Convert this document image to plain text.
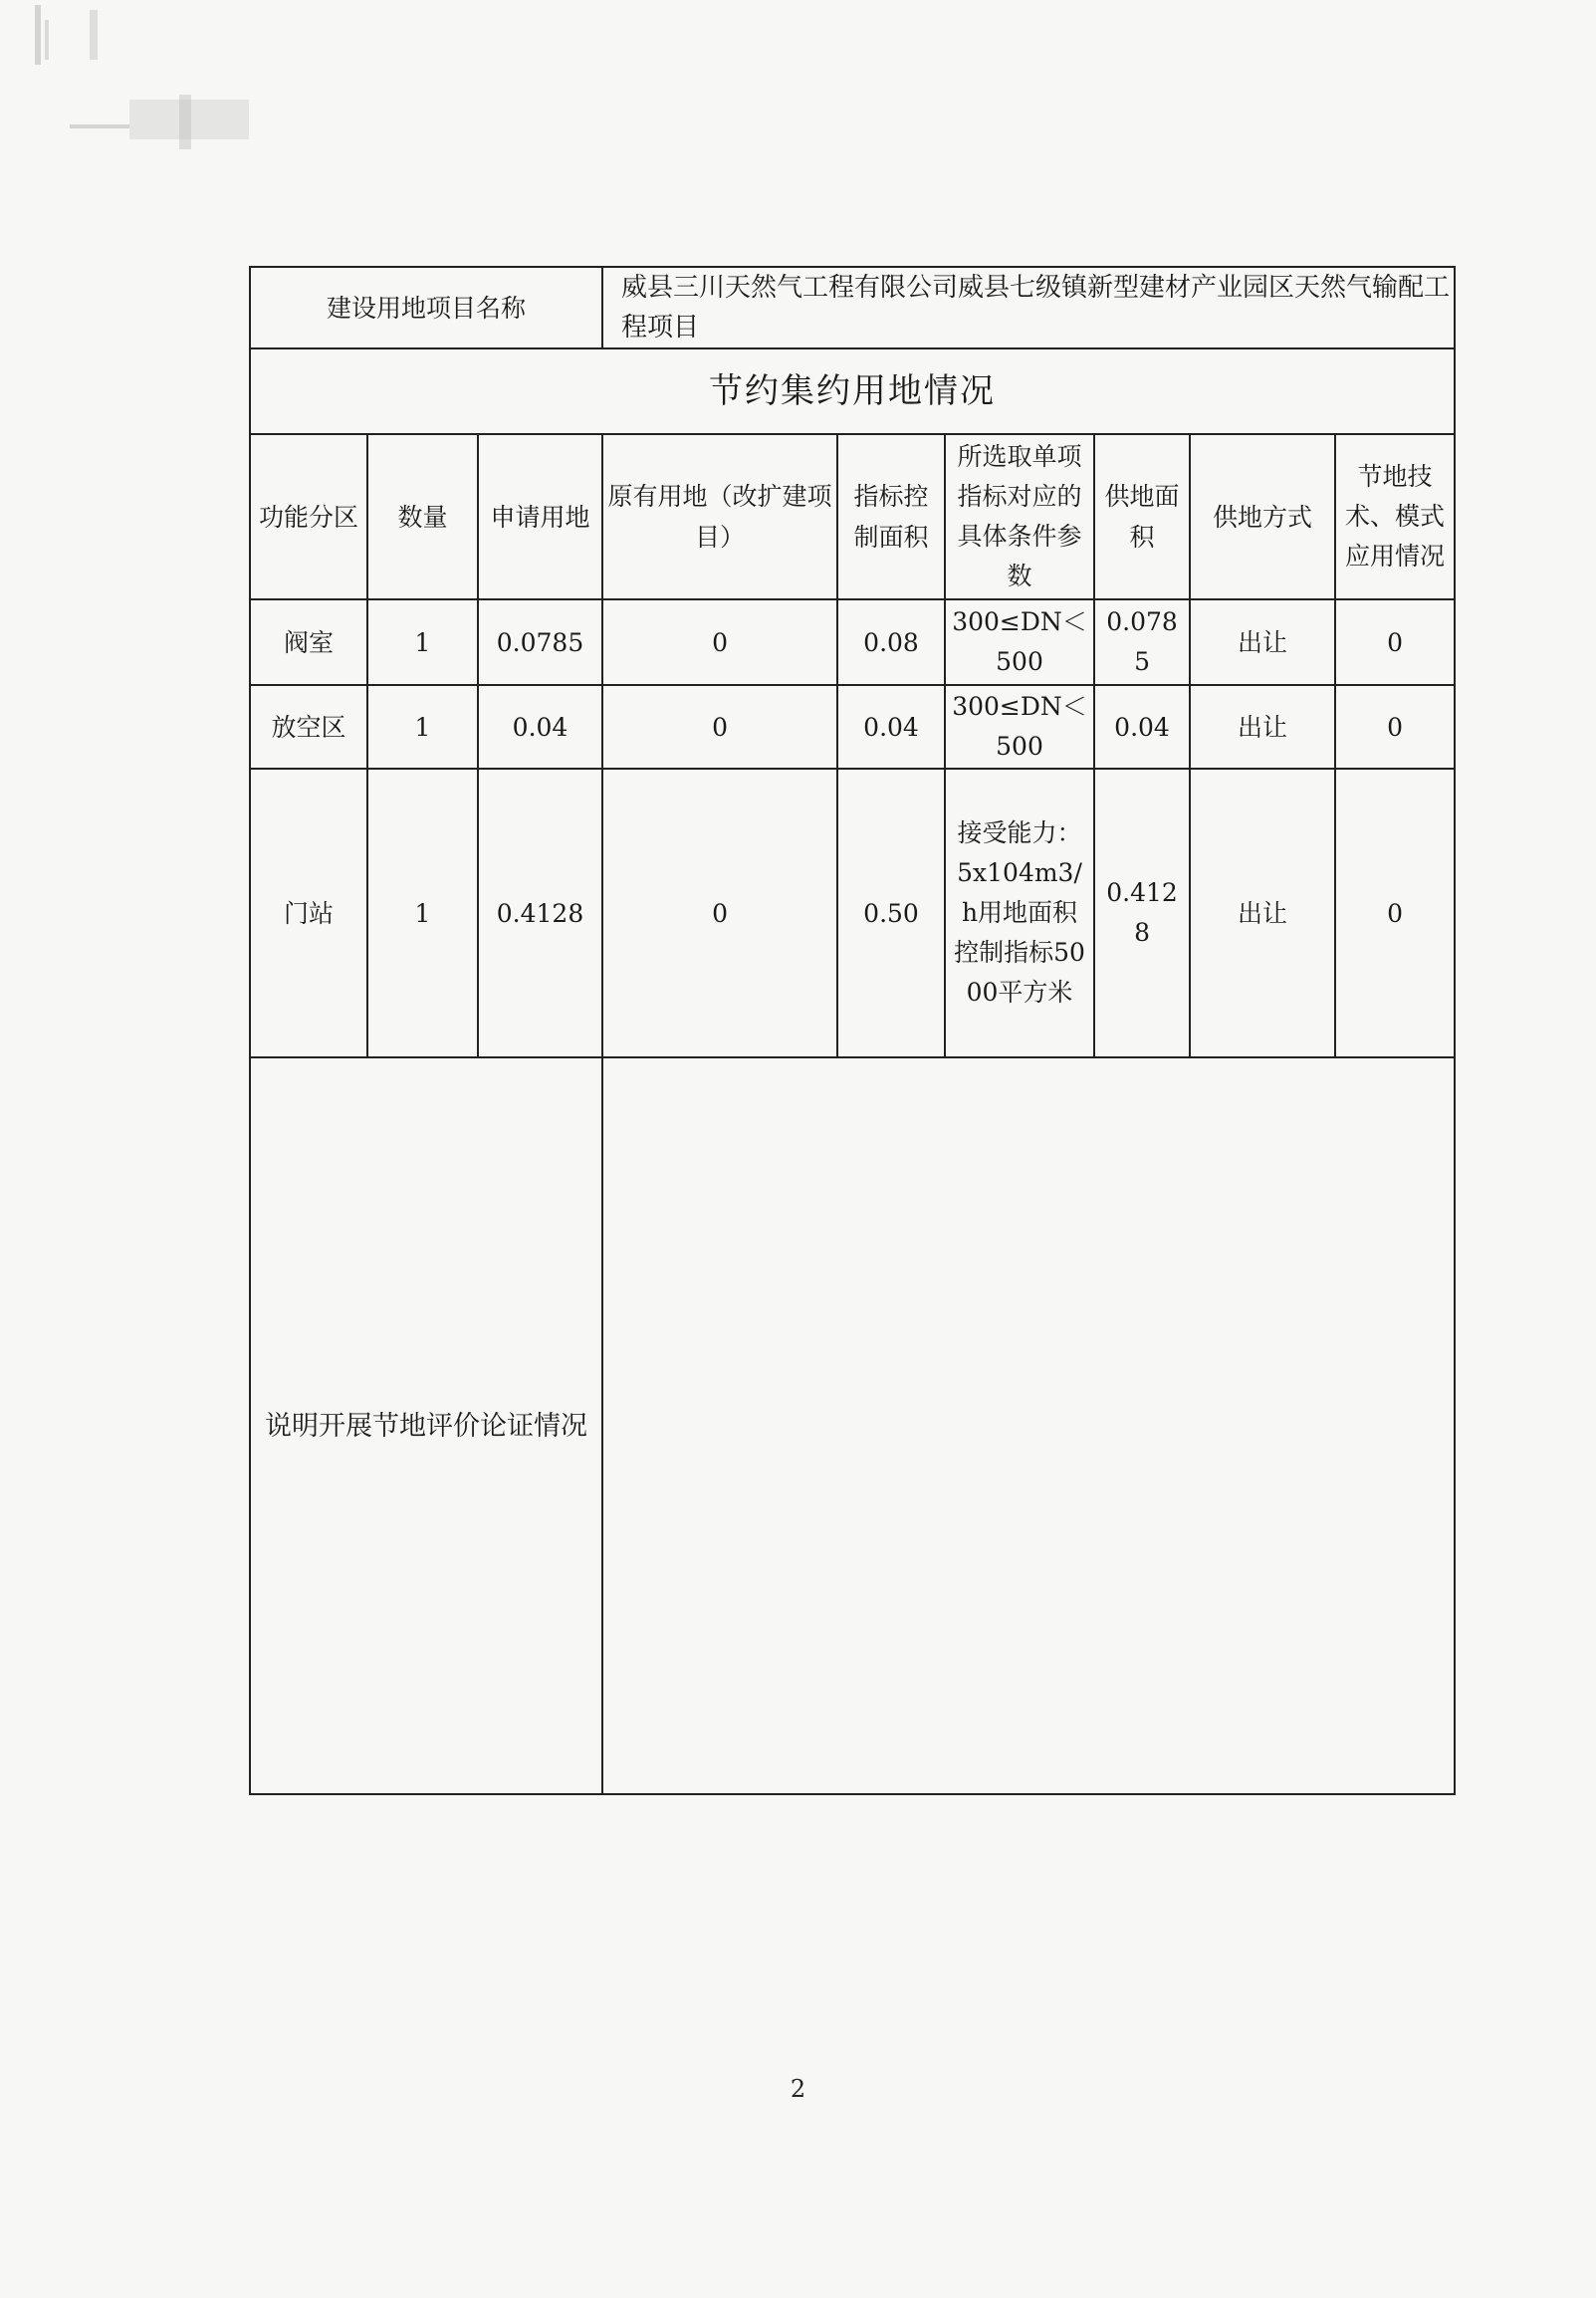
建设用地项目名称			威县三川天然气工程有限公司威县七级镇新型建材产业园区天然气输配工程项目					
节约集约用地情况								
功能分区	数量	申请用地	原有用地（改扩建项目）	指标控制面积	所选取单项指标对应的具体条件参数	供地面积	供地方式	节地技术、模式应用情况
阀室	1	0.0785	0	0.08	300≤DN＜500	0.0785	出让	0
放空区	1	0.04	0	0.04	300≤DN＜500	0.04	出让	0
门站	1	0.4128	0	0.50	接受能力：5x104m3/h用地面积控制指标5000平方米	0.4128	出让	0
说明开展节地评价论证情况								
2
